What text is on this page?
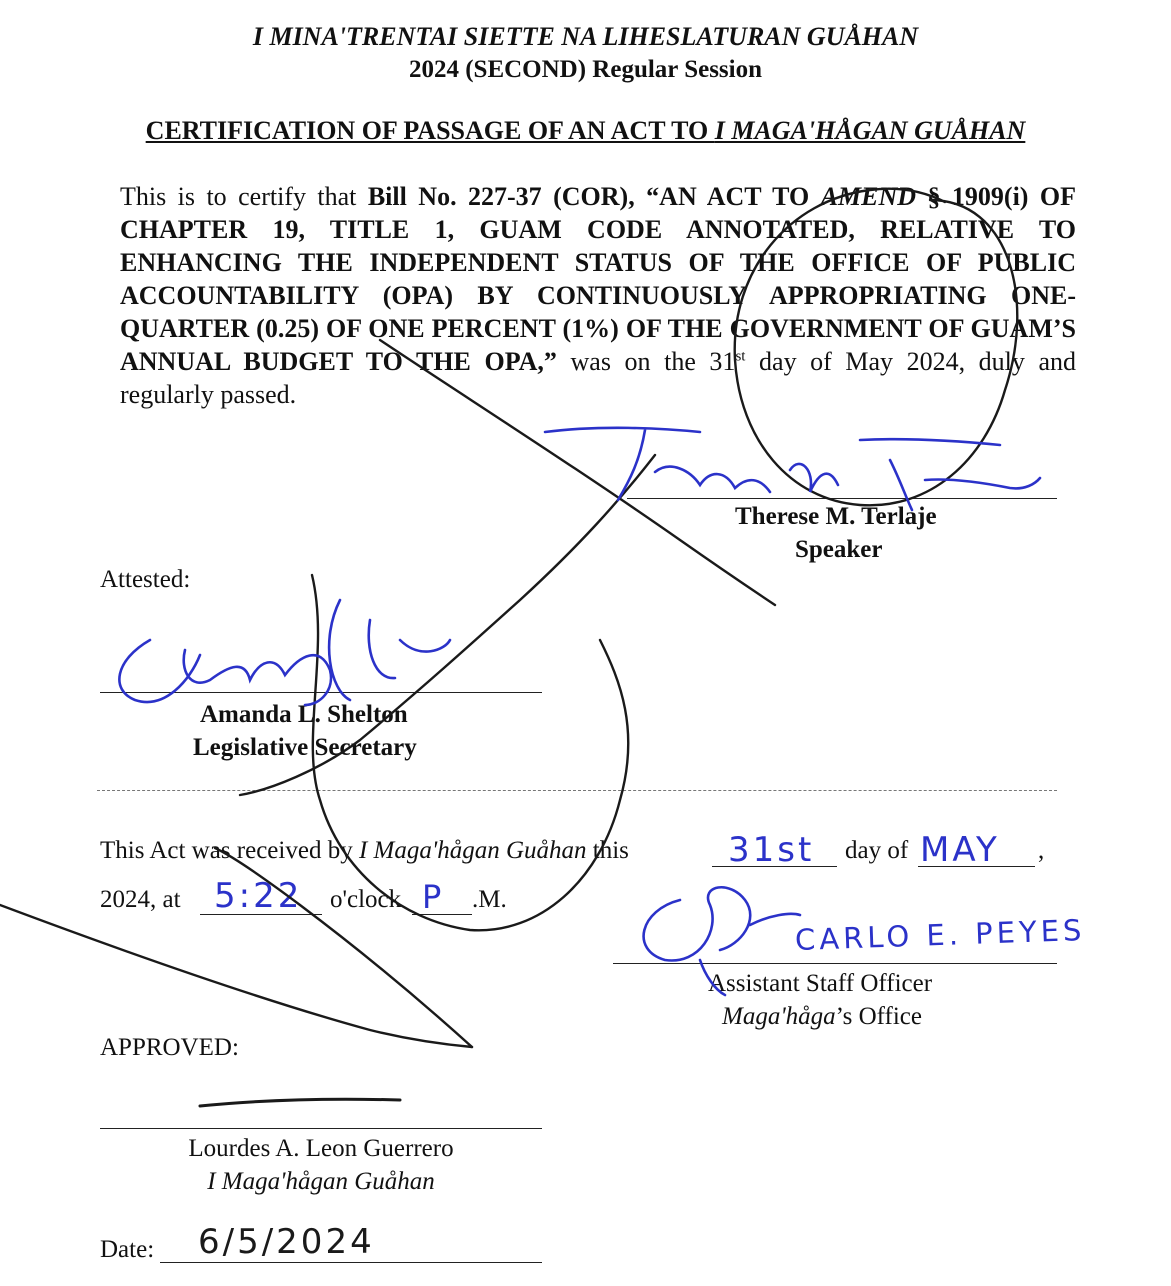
I MINA'TRENTAI SIETTE NA LIHESLATURAN GUÅHAN
2024 (SECOND) Regular Session
CERTIFICATION OF PASSAGE OF AN ACT TO I MAGA'HÅGAN GUÅHAN
This is to certify that Bill No. 227-37 (COR), “AN ACT TO AMEND § 1909(i) OF CHAPTER 19, TITLE 1, GUAM CODE ANNOTATED, RELATIVE TO ENHANCING THE INDEPENDENT STATUS OF THE OFFICE OF PUBLIC ACCOUNTABILITY (OPA) BY CONTINUOUSLY APPROPRIATING ONE-QUARTER (0.25) OF ONE PERCENT (1%) OF THE GOVERNMENT OF GUAM’S ANNUAL BUDGET TO THE OPA,” was on the 31st day of May 2024, duly and regularly passed.
Therese M. Terlaje
Speaker
Attested:
Amanda L. Shelton
Legislative Secretary
This Act was received by I Maga'hågan Guåhan this	day of	,
2024, at	o'clock	.M.
31st	MAY
5:22	P
CARLO E. PEYES
Assistant Staff Officer
Maga'håga’s Office
APPROVED:
Lourdes A. Leon Guerrero
I Maga'hågan Guåhan
Date: 6/5/2024
